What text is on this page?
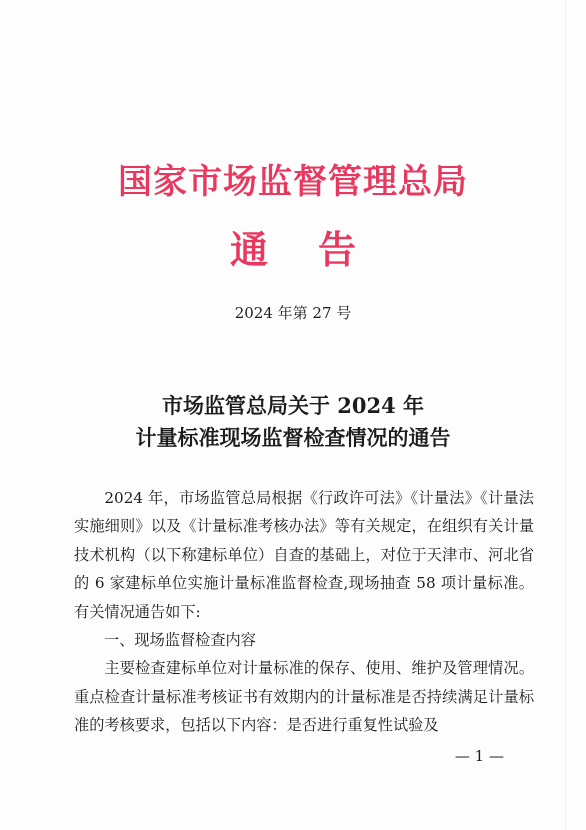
国家市场监督管理总局
通告
2024 年第 27 号
市场监管总局关于 2024 年
计量标准现场监督检查情况的通告

2024 年，市场监管总局根据《行政许可法》《计量法》《计量法实施细则》以及《计量标准考核办法》等有关规定，在组织有关计量技术机构（以下称建标单位）自查的基础上，对位于天津市、河北省的 6 家建标单位实施计量标准监督检查,现场抽查 58 项计量标准。有关情况通告如下:

一、现场监督检查内容

主要检查建标单位对计量标准的保存、使用、维护及管理情况。重点检查计量标准考核证书有效期内的计量标准是否持续满足计量标准的考核要求，包括以下内容：是否进行重复性试验及

— 1 —
